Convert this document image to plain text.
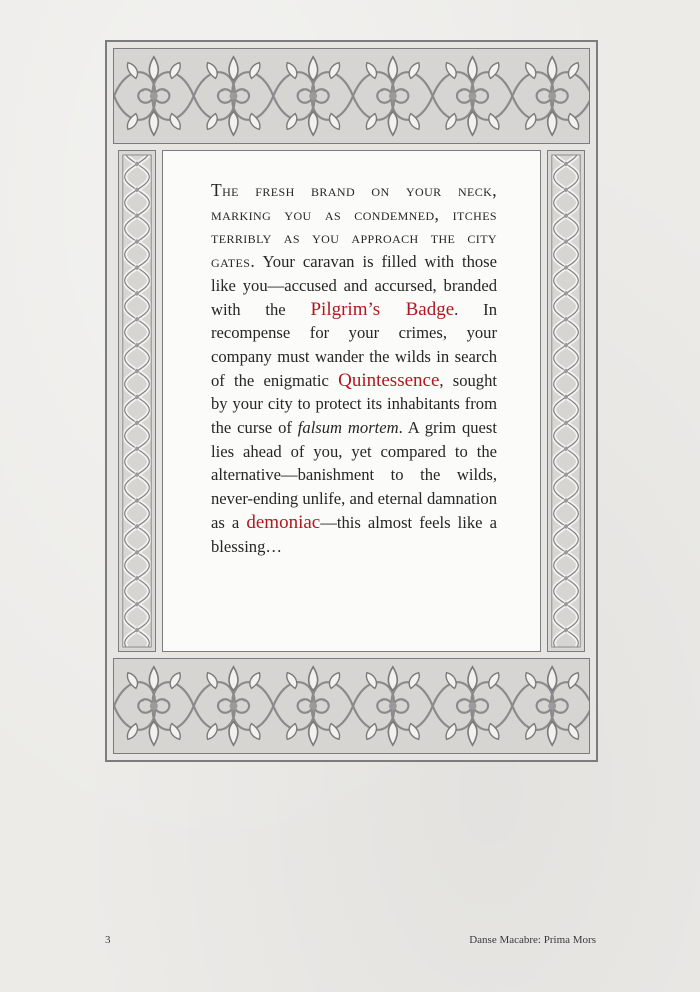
The fresh brand on your neck, marking you as condemned, itches terribly as you approach the city gates. Your caravan is filled with those like you—accused and accursed, branded with the Pilgrim’s Badge. In recompense for your crimes, your company must wander the wilds in search of the enigmatic Quintessence, sought by your city to protect its inhabitants from the curse of falsum mortem. A grim quest lies ahead of you, yet compared to the alternative—banishment to the wilds, never-ending unlife, and eternal damnation as a demoniac—this almost feels like a blessing…

3	Danse Macabre: Prima Mors
